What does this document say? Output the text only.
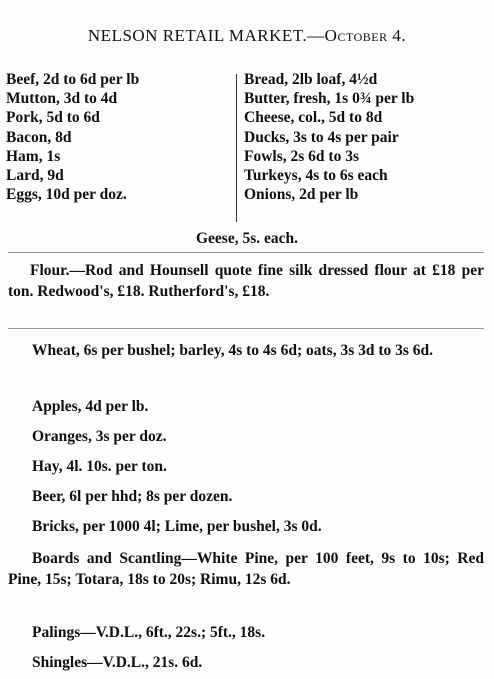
NELSON RETAIL MARKET.—October 4.
Beef, 2d to 6d per lb
Mutton, 3d to 4d
Pork, 5d to 6d
Bacon, 8d
Ham, 1s
Lard, 9d
Eggs, 10d per doz.
Bread, 2lb loaf, 4½d
Butter, fresh, 1s 0¾ per lb
Cheese, col., 5d to 8d
Ducks, 3s to 4s per pair
Fowls, 2s 6d to 3s
Turkeys, 4s to 6s each
Onions, 2d per lb
Geese, 5s. each.
Flour.—Rod and Hounsell quote fine silk dressed flour at £18 per ton. Redwood's, £18. Rutherford's, £18.
Wheat, 6s per bushel; barley, 4s to 4s 6d; oats, 3s 3d to 3s 6d.
Apples, 4d per lb.
Oranges, 3s per doz.
Hay, 4l. 10s. per ton.
Beer, 6l per hhd; 8s per dozen.
Bricks, per 1000 4l; Lime, per bushel, 3s 0d.
Boards and Scantling—White Pine, per 100 feet, 9s to 10s; Red Pine, 15s; Totara, 18s to 20s; Rimu, 12s 6d.
Palings—V.D.L., 6ft., 22s.; 5ft., 18s.
Shingles—V.D.L., 21s. 6d.
